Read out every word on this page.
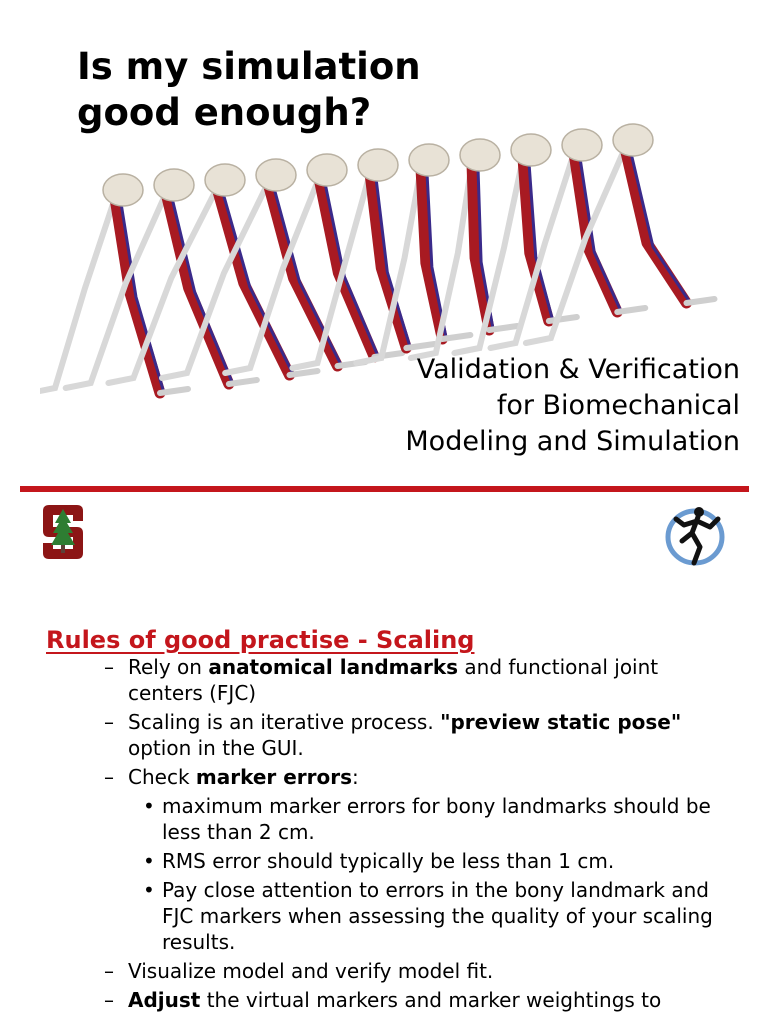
Is my simulation
good enough?
Validation & Verification
for Biomechanical
Modeling and Simulation
Rules of good practise - Scaling
– Rely on anatomical landmarks and functional joint centers (FJC)
– Scaling is an iterative process. "preview static pose" option in the GUI.
– Check marker errors:
• maximum marker errors for bony landmarks should be less than 2 cm.
• RMS error should typically be less than 1 cm.
• Pay close attention to errors in the bony landmark and FJC markers when assessing the quality of your scaling results.
– Visualize model and verify model fit.
– Adjust the virtual markers and marker weightings to
